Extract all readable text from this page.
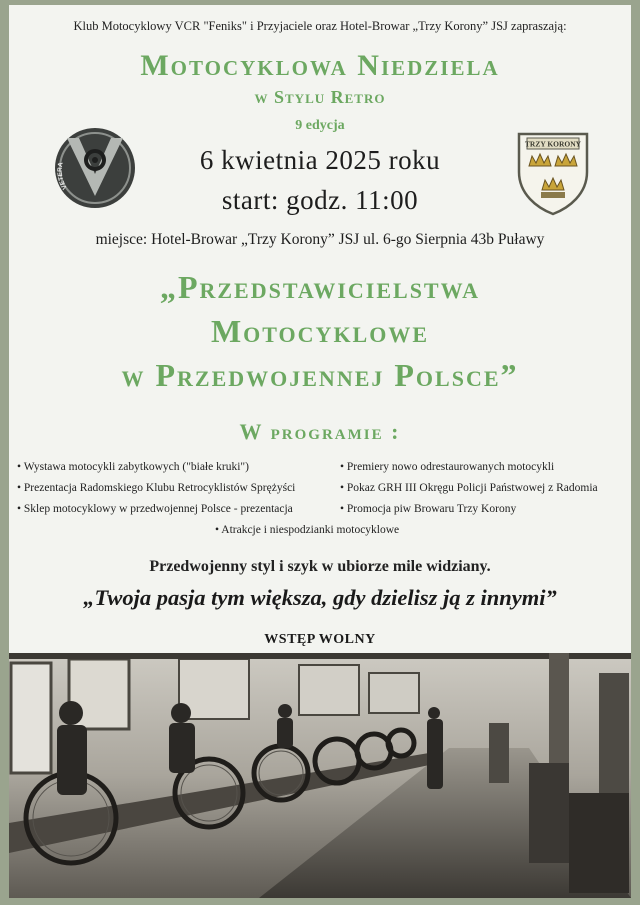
Klub Motocyklowy VCR "Feniks" i Przyjaciele oraz Hotel-Browar „Trzy Korony” JSJ zapraszają:
Motocyklowa Niedziela
w Stylu Retro
9 edycja
VETERA
TRZY KORONY
6 kwietnia 2025 roku
start: godz. 11:00
miejsce: Hotel-Browar „Trzy Korony” JSJ ul. 6-go Sierpnia 43b Puławy
„Przedstawicielstwa
Motocyklowe
w Przedwojennej Polsce”
W programie :
• Wystawa motocykli zabytkowych ("białe kruki")
• Prezentacja Radomskiego Klubu Retrocyklistów Sprężyści
• Sklep motocyklowy w przedwojennej Polsce - prezentacja
• Premiery nowo odrestaurowanych motocykli
• Pokaz GRH III Okręgu Policji Państwowej z Radomia
• Promocja piw Browaru Trzy Korony
• Atrakcje i niespodzianki motocyklowe
Przedwojenny styl i szyk w ubiorze mile widziany.
„Twoja pasja tym większa, gdy dzielisz ją z innymi”
WSTĘP WOLNY
